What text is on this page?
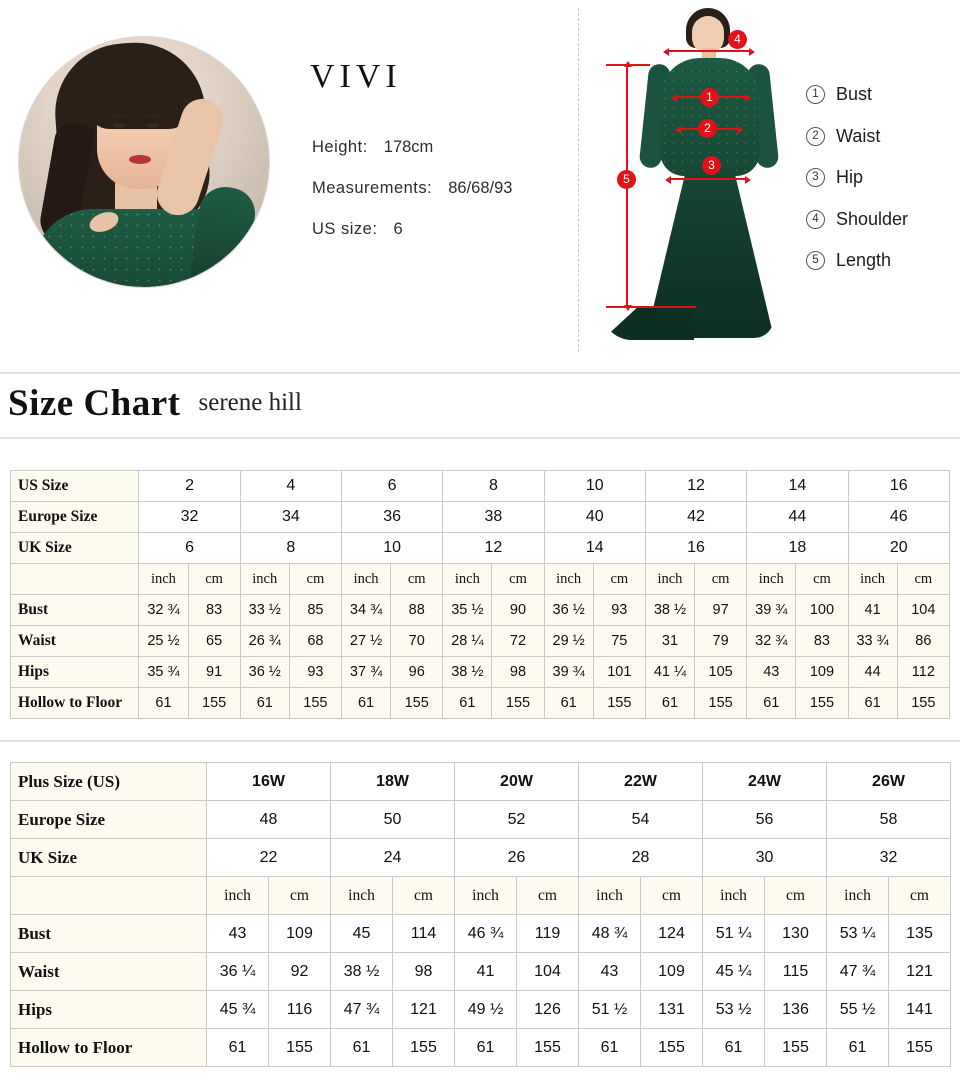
VIVI
Height: 178cm
Measurements: 86/68/93
US size: 6
4
1
2
3
5
1 Bust
2 Waist
3 Hip
4 Shoulder
5 Length
Size Chart serene hill
US Size	2		4		6		8		10		12		14		16	
Europe Size	32		34		36		38		40		42		44		46	
UK Size	6		8		10		12		14		16		18		20	
	inch	cm	inch	cm	inch	cm	inch	cm	inch	cm	inch	cm	inch	cm	inch	cm
Bust	32 ¾	83	33 ½	85	34 ¾	88	35 ½	90	36 ½	93	38 ½	97	39 ¾	100	41	104
Waist	25 ½	65	26 ¾	68	27 ½	70	28 ¼	72	29 ½	75	31	79	32 ¾	83	33 ¾	86
Hips	35 ¾	91	36 ½	93	37 ¾	96	38 ½	98	39 ¾	101	41 ¼	105	43	109	44	112
Hollow to Floor	61	155	61	155	61	155	61	155	61	155	61	155	61	155	61	155
Plus Size (US)	16W		18W		20W		22W		24W		26W	
Europe Size	48		50		52		54		56		58	
UK Size	22		24		26		28		30		32	
	inch	cm	inch	cm	inch	cm	inch	cm	inch	cm	inch	cm
Bust	43	109	45	114	46 ¾	119	48 ¾	124	51 ¼	130	53 ¼	135
Waist	36 ¼	92	38 ½	98	41	104	43	109	45 ¼	115	47 ¾	121
Hips	45 ¾	116	47 ¾	121	49 ½	126	51 ½	131	53 ½	136	55 ½	141
Hollow to Floor	61	155	61	155	61	155	61	155	61	155	61	155
